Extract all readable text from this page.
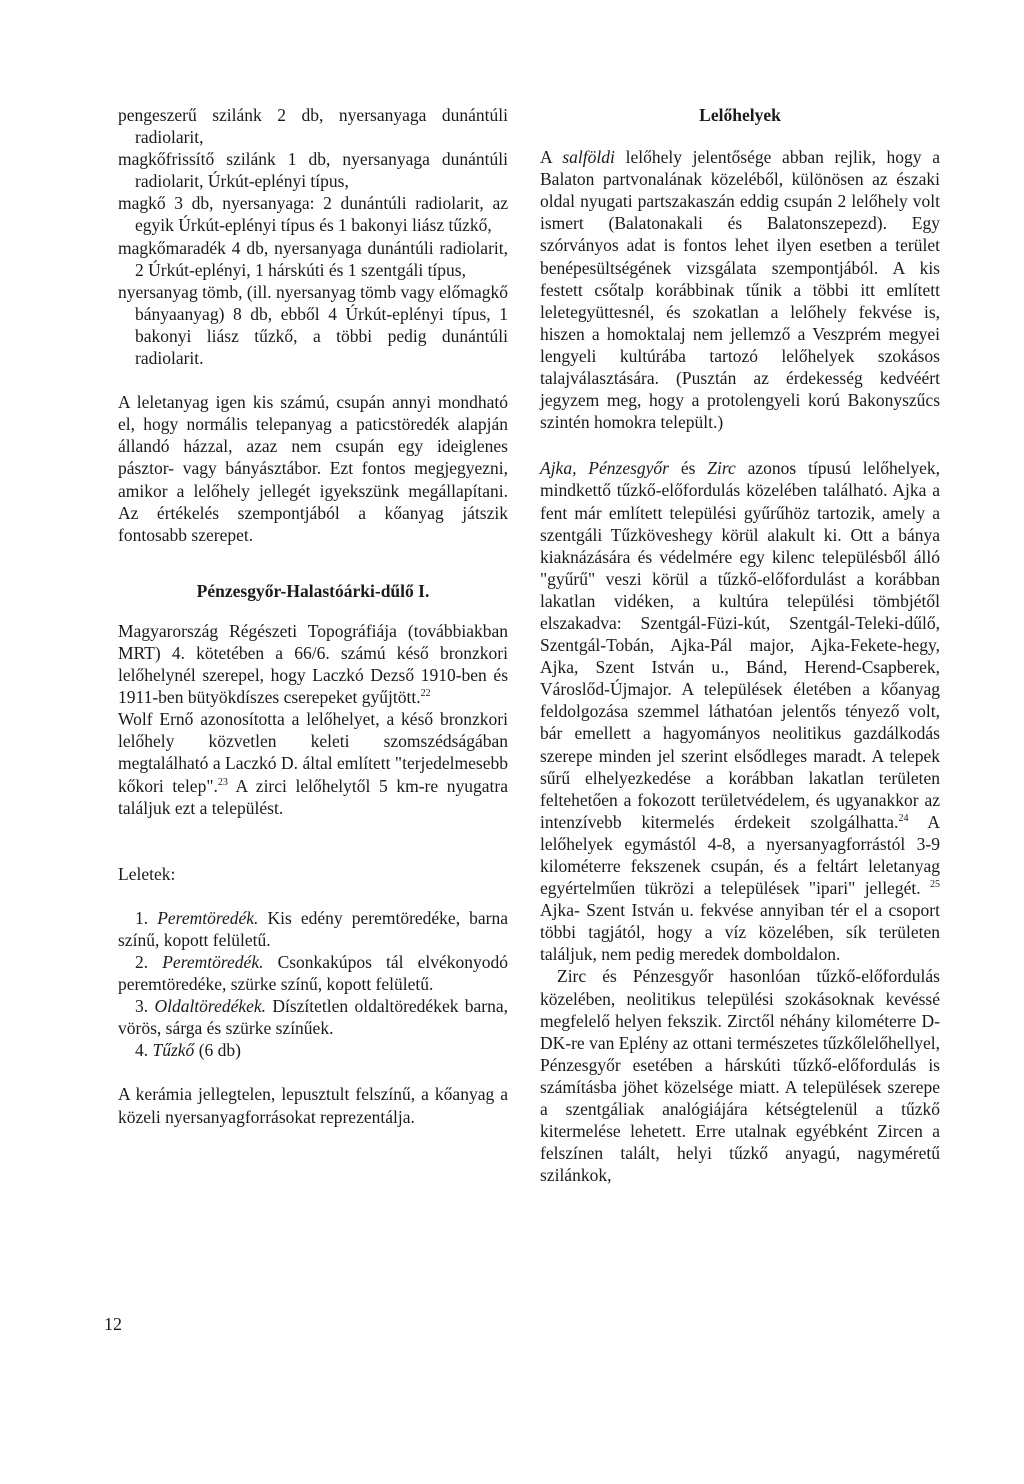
pengeszerű szilánk 2 db, nyersanyaga dunántúli radiolarit,

magkőfrissítő szilánk 1 db, nyersanyaga dunántúli radiolarit, Úrkút-eplényi típus,

magkő 3 db, nyersanyaga: 2 dunántúli radiolarit, az egyik Úrkút-eplényi típus és 1 bakonyi liász tűzkő,

magkőmaradék 4 db, nyersanyaga dunántúli radiolarit, 2 Úrkút-eplényi, 1 hárskúti és 1 szentgáli típus,

nyersanyag tömb, (ill. nyersanyag tömb vagy előmagkő bányaanyag) 8 db, ebből 4 Úrkút-eplényi típus, 1 bakonyi liász tűzkő, a többi pedig dunántúli radiolarit.

A leletanyag igen kis számú, csupán annyi mondható el, hogy normális telepanyag a paticstöredék alapján állandó házzal, azaz nem csupán egy ideiglenes pásztor- vagy bányásztábor. Ezt fontos megjegyezni, amikor a lelőhely jellegét igyekszünk megállapítani. Az értékelés szempontjából a kőanyag játszik fontosabb szerepet.

Pénzesgyőr-Halastóárki-dűlő I.

Magyarország Régészeti Topográfiája (továbbiakban MRT) 4. kötetében a 66/6. számú késő bronzkori lelőhelynél szerepel, hogy Laczkó Dezső 1910-ben és 1911-ben bütyökdíszes cserepeket gyűjtött.$^{22}$

Wolf Ernő azonosította a lelőhelyet, a késő bronzkori lelőhely közvetlen keleti szomszédságában megtalálható a Laczkó D. által említett "terjedelmesebb kőkori telep".$^{23}$ A zirci lelőhelytől 5 km-re nyugatra találjuk ezt a települést.

Leletek:

1. Peremtöredék. Kis edény peremtöredéke, barna színű, kopott felületű.

2. Peremtöredék. Csonkakúpos tál elvékonyodó peremtöredéke, szürke színű, kopott felületű.

3. Oldaltöredékek. Díszítetlen oldaltöredékek barna, vörös, sárga és szürke színűek.

4. Tűzkő (6 db)

A kerámia jellegtelen, lepusztult felszínű, a kőanyag a közeli nyersanyagforrásokat reprezentálja.

Lelőhelyek

A salföldi lelőhely jelentősége abban rejlik, hogy a Balaton partvonalának közeléből, különösen az északi oldal nyugati partszakaszán eddig csupán 2 lelőhely volt ismert (Balatonakali és Balatonszepezd). Egy szórványos adat is fontos lehet ilyen esetben a terület benépesültségének vizsgálata szempontjából. A kis festett csőtalp korábbinak tűnik a többi itt említett leletegyüttesnél, és szokatlan a lelőhely fekvése is, hiszen a homoktalaj nem jellemző a Veszprém megyei lengyeli kultúrába tartozó lelőhelyek szokásos talajválasztására. (Pusztán az érdekesség kedvéért jegyzem meg, hogy a protolengyeli korú Bakonyszűcs szintén homokra települt.)

Ajka, Pénzesgyőr és Zirc azonos típusú lelőhelyek, mindkettő tűzkő-előfordulás közelében található. Ajka a fent már említett települési gyűrűhöz tartozik, amely a szentgáli Tűzköveshegy körül alakult ki. Ott a bánya kiaknázására és védelmére egy kilenc településből álló "gyűrű" veszi körül a tűzkő-előfordulást a korábban lakatlan vidéken, a kultúra települési tömbjétől elszakadva: Szentgál-Füzi-kút, Szentgál-Teleki-dűlő, Szentgál-Tobán, Ajka-Pál major, Ajka-Fekete-hegy, Ajka, Szent István u., Bánd, Herend-Csapberek, Városlőd-Újmajor. A települések életében a kőanyag feldolgozása szemmel láthatóan jelentős tényező volt, bár emellett a hagyományos neolitikus gazdálkodás szerepe minden jel szerint elsődleges maradt. A telepek sűrű elhelyezkedése a korábban lakatlan területen feltehetően a fokozott területvédelem, és ugyanakkor az intenzívebb kitermelés érdekeit szolgálhatta.$^{24}$ A lelőhelyek egymástól 4-8, a nyersanyagforrástól 3-9 kilométerre fekszenek csupán, és a feltárt leletanyag egyértelműen tükrözi a települések "ipari" jellegét. $^{25}$ Ajka- Szent István u. fekvése annyiban tér el a csoport többi tagjától, hogy a víz közelében, sík területen találjuk, nem pedig meredek domboldalon.

Zirc és Pénzesgyőr hasonlóan tűzkő-előfordulás közelében, neolitikus települési szokásoknak kevéssé megfelelő helyen fekszik. Zirctől néhány kilométerre D-DK-re van Eplény az ottani természetes tűzkőlelőhellyel, Pénzesgyőr esetében a hárskúti tűzkő-előfordulás is számításba jöhet közelsége miatt. A települések szerepe a szentgáliak analógiájára kétségtelenül a tűzkő kitermelése lehetett. Erre utalnak egyébként Zircen a felszínen talált, helyi tűzkő anyagú, nagyméretű szilánkok,

12
